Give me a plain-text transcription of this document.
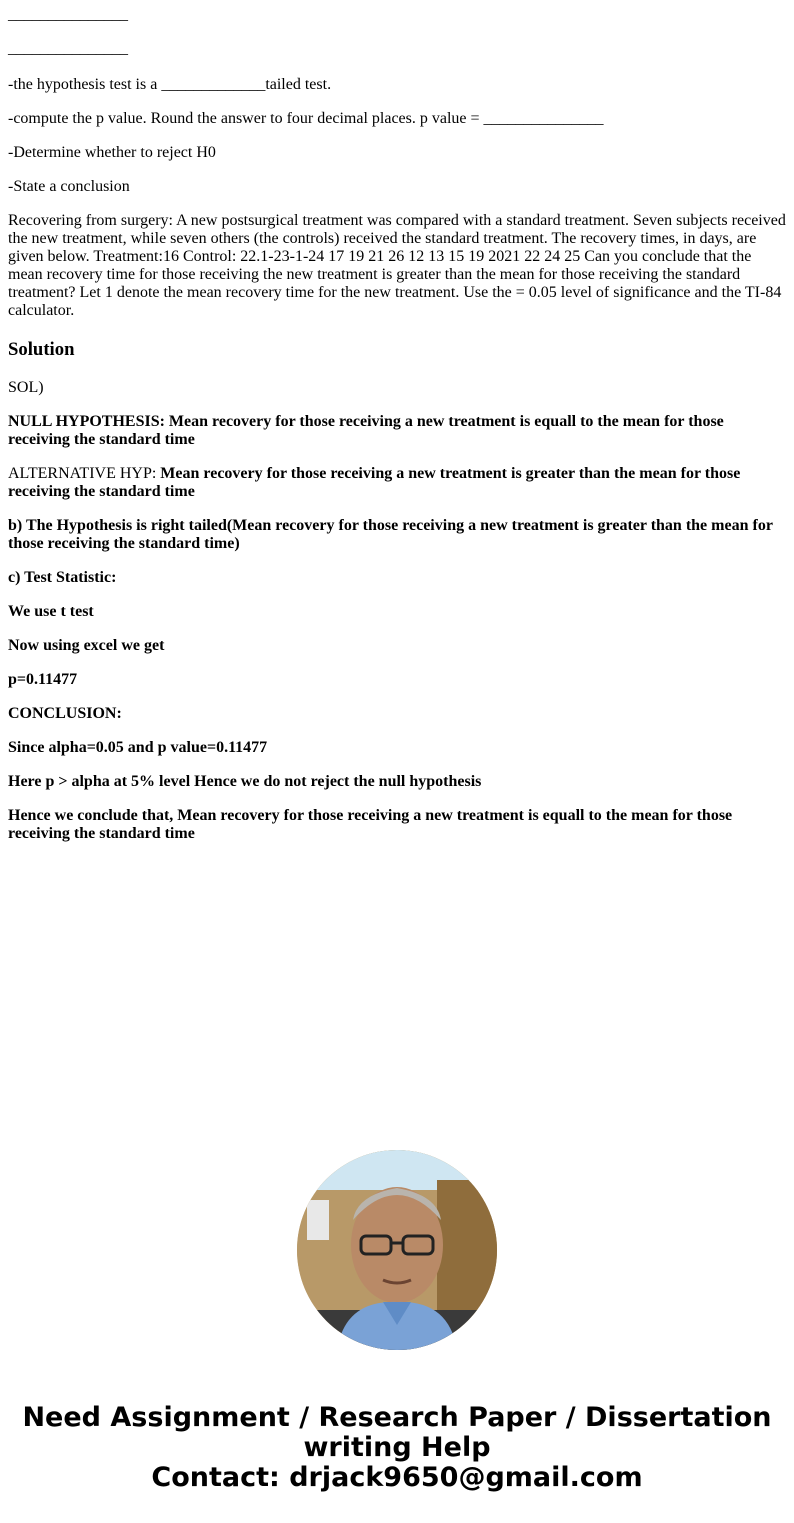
_______________

_______________

-the hypothesis test is a _____________tailed test.

-compute the p value. Round the answer to four decimal places. p value = _______________

-Determine whether to reject H0

-State a conclusion

Recovering from surgery: A new postsurgical treatment was compared with a standard treatment. Seven subjects received the new treatment, while seven others (the controls) received the standard treatment. The recovery times, in days, are given below. Treatment:16 Control: 22.1-23-1-24 17 19 21 26 12 13 15 19 2021 22 24 25 Can you conclude that the mean recovery time for those receiving the new treatment is greater than the mean for those receiving the standard treatment? Let 1 denote the mean recovery time for the new treatment. Use the = 0.05 level of significance and the TI-84 calculator.

Solution

SOL)

NULL HYPOTHESIS: Mean recovery for those receiving a new treatment is equall to the mean for those receiving the standard time

ALTERNATIVE HYP: Mean recovery for those receiving a new treatment is greater than the mean for those receiving the standard time

b) The Hypothesis is right tailed(Mean recovery for those receiving a new treatment is greater than the mean for those receiving the standard time)

c) Test Statistic:

We use t test

Now using excel we get

p=0.11477

CONCLUSION:

Since alpha=0.05 and p value=0.11477

Here p > alpha at 5% level Hence we do not reject the null hypothesis

Hence we conclude that, Mean recovery for those receiving a new treatment is equall to the mean for those receiving the standard time

Need Assignment / Research Paper / Dissertation writing Help
Contact: drjack9650@gmail.com
